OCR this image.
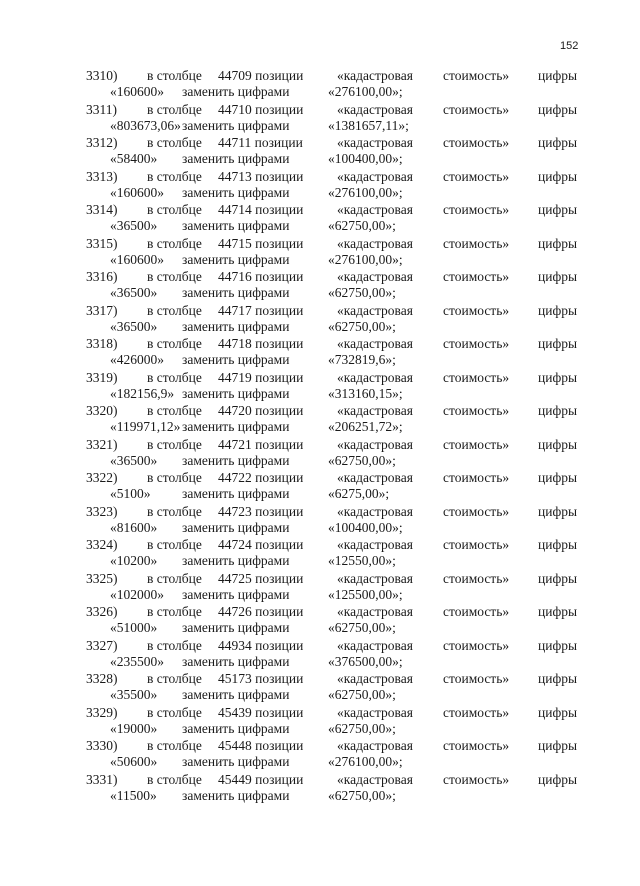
152
3310) в столбце 44709 позиции «кадастровая стоимость» цифры
«160600» заменить цифрами	«276100,00»;
3311) в столбце 44710 позиции «кадастровая стоимость» цифры
«803673,06» заменить цифрами	«1381657,11»;
3312) в столбце 44711 позиции	«кадастровая стоимость» цифры
«58400» заменить цифрами	«100400,00»;
3313) в столбце 44713 позиции «кадастровая стоимость» цифры
«160600» заменить цифрами	«276100,00»;
3314) в столбце 44714 позиции «кадастровая стоимость» цифры
«36500» заменить цифрами	«62750,00»;
3315) в столбце 44715 позиции «кадастровая стоимость» цифры
«160600» заменить цифрами	«276100,00»;
3316) в столбце 44716 позиции «кадастровая стоимость» цифры
«36500» заменить цифрами	«62750,00»;
3317) в столбце 44717 позиции «кадастровая стоимость» цифры
«36500» заменить цифрами	«62750,00»;
3318) в столбце 44718 позиции «кадастровая стоимость» цифры
«426000» заменить цифрами	«732819,6»;
3319) в столбце 44719 позиции «кадастровая стоимость» цифры
«182156,9» заменить цифрами	«313160,15»;
3320) в столбце 44720 позиции «кадастровая стоимость» цифры
«119971,12» заменить цифрами	«206251,72»;
3321) в столбце 44721 позиции «кадастровая стоимость» цифры
«36500» заменить цифрами	«62750,00»;
3322) в столбце 44722 позиции «кадастровая стоимость» цифры
«5100» заменить цифрами	«6275,00»;
3323) в столбце 44723 позиции «кадастровая стоимость» цифры
«81600» заменить цифрами	«100400,00»;
3324) в столбце 44724 позиции «кадастровая стоимость» цифры
«10200» заменить цифрами	«12550,00»;
3325) в столбце 44725 позиции «кадастровая стоимость» цифры
«102000» заменить цифрами	«125500,00»;
3326) в столбце 44726 позиции «кадастровая стоимость» цифры
«51000» заменить цифрами	«62750,00»;
3327) в столбце 44934 позиции «кадастровая стоимость» цифры
«235500» заменить цифрами	«376500,00»;
3328) в столбце 45173 позиции «кадастровая стоимость» цифры
«35500» заменить цифрами	«62750,00»;
3329) в столбце 45439 позиции «кадастровая стоимость» цифры
«19000» заменить цифрами	«62750,00»;
3330) в столбце 45448 позиции «кадастровая стоимость» цифры
«50600» заменить цифрами	«276100,00»;
3331) в столбце 45449 позиции «кадастровая стоимость» цифры
«11500» заменить цифрами	«62750,00»;
